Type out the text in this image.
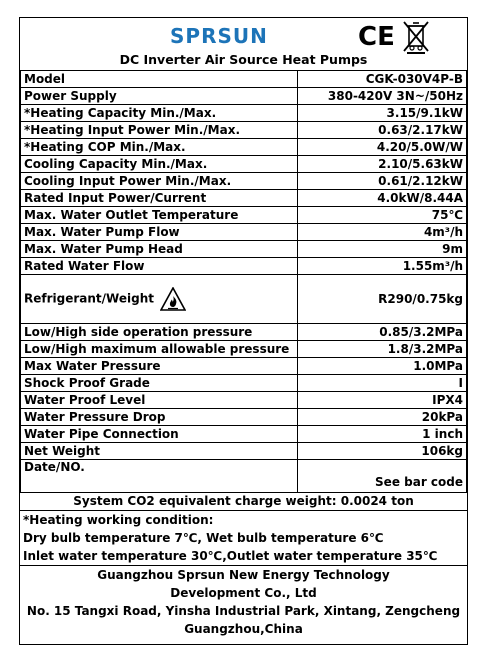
SPRSUN	CE
DC Inverter Air Source Heat Pumps
Model	CGK-030V4P-B
Power Supply	380-420V 3N~/50Hz
*Heating Capacity Min./Max.	3.15/9.1kW
*Heating Input Power Min./Max.	0.63/2.17kW
*Heating COP Min./Max.	4.20/5.0W/W
Cooling Capacity Min./Max.	2.10/5.63kW
Cooling Input Power Min./Max.	0.61/2.12kW
Rated Input Power/Current	4.0kW/8.44A
Max. Water Outlet Temperature	75℃
Max. Water Pump Flow	4m³/h
Max. Water Pump Head	9m
Rated Water Flow	1.55m³/h
Refrigerant/Weight	R290/0.75kg
Low/High side operation pressure	0.85/3.2MPa
Low/High maximum allowable pressure	1.8/3.2MPa
Max Water Pressure	1.0MPa
Shock Proof Grade	I
Water Proof Level	IPX4
Water Pressure Drop	20kPa
Water Pipe Connection	1 inch
Net Weight	106kg
Date/NO.	See bar code
System CO2 equivalent charge weight: 0.0024 ton
*Heating working condition:
Dry bulb temperature 7℃, Wet bulb temperature 6℃
Inlet water temperature 30℃,Outlet water temperature 35℃
Guangzhou Sprsun New Energy Technology
Development Co., Ltd
No. 15 Tangxi Road, Yinsha Industrial Park, Xintang, Zengcheng
Guangzhou,China
